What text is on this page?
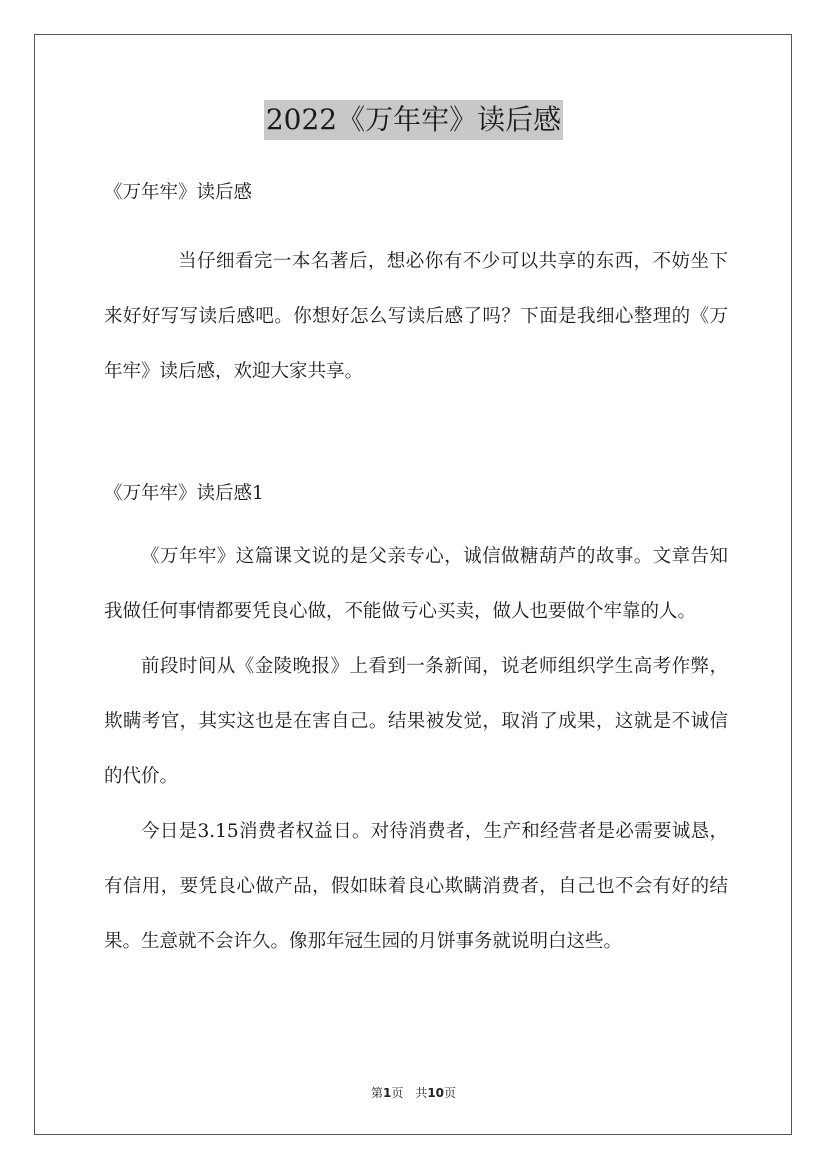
2022《万年牢》读后感

《万年牢》读后感

当仔细看完一本名著后，想必你有不少可以共享的东西，不妨坐下来好好写写读后感吧。你想好怎么写读后感了吗？下面是我细心整理的《万年牢》读后感，欢迎大家共享。

《万年牢》读后感1

《万年牢》这篇课文说的是父亲专心，诚信做糖葫芦的故事。文章告知我做任何事情都要凭良心做，不能做亏心买卖，做人也要做个牢靠的人。

前段时间从《金陵晚报》上看到一条新闻，说老师组织学生高考作弊，欺瞒考官，其实这也是在害自己。结果被发觉，取消了成果，这就是不诚信的代价。

今日是3.15消费者权益日。对待消费者，生产和经营者是必需要诚恳，有信用，要凭良心做产品，假如昧着良心欺瞒消费者，自己也不会有好的结果。生意就不会许久。像那年冠生园的月饼事务就说明白这些。

第1页　共10页
